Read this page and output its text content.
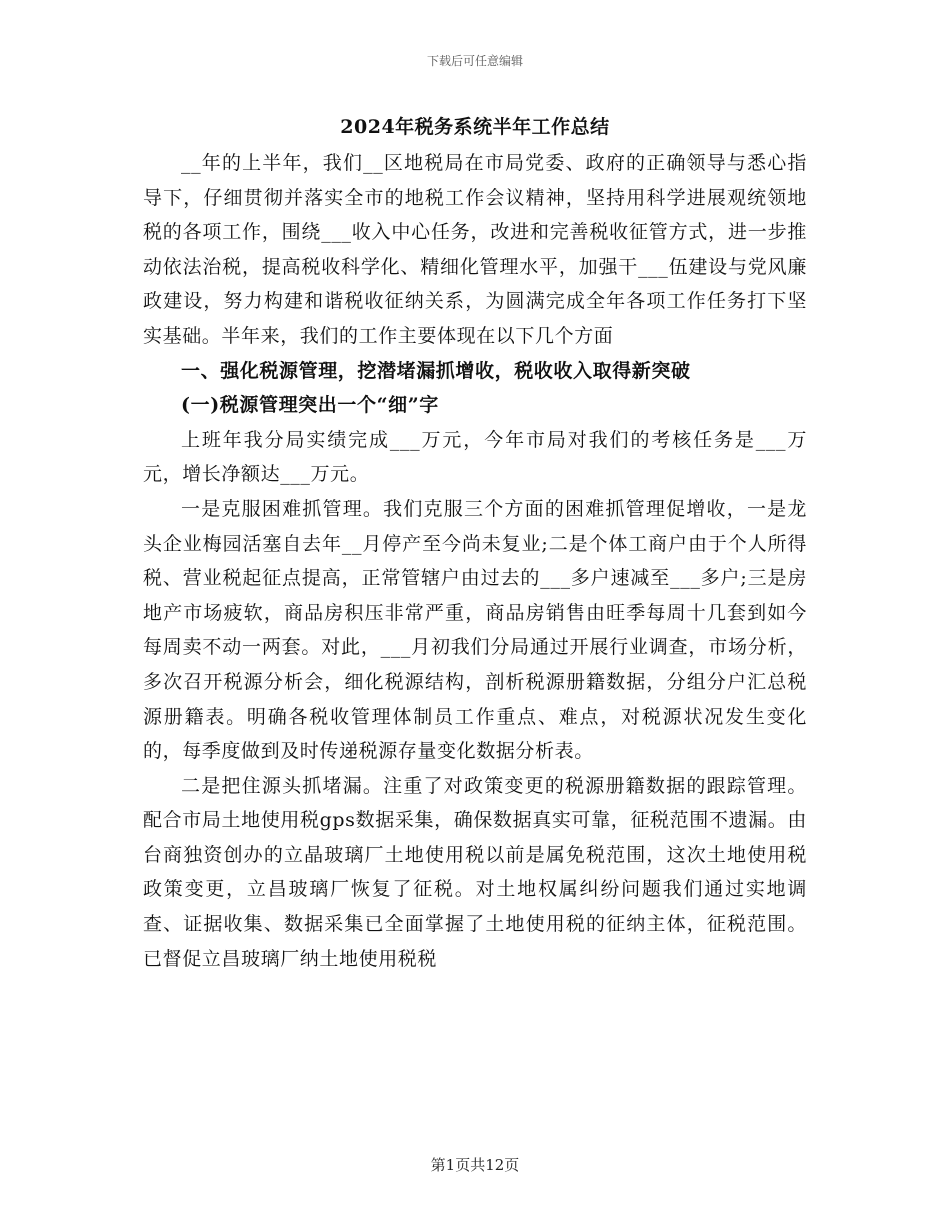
下载后可任意编辑
2024年税务系统半年工作总结

__年的上半年，我们__区地税局在市局党委、政府的正确领导与悉心指导下，仔细贯彻并落实全市的地税工作会议精神，坚持用科学进展观统领地税的各项工作，围绕___收入中心任务，改进和完善税收征管方式，进一步推动依法治税，提高税收科学化、精细化管理水平，加强干___伍建设与党风廉政建设，努力构建和谐税收征纳关系，为圆满完成全年各项工作任务打下坚实基础。半年来，我们的工作主要体现在以下几个方面

一、强化税源管理，挖潜堵漏抓增收，税收收入取得新突破

(一)税源管理突出一个“细”字

上班年我分局实绩完成___万元，今年市局对我们的考核任务是___万元，增长净额达___万元。

一是克服困难抓管理。我们克服三个方面的困难抓管理促增收，一是龙头企业梅园活塞自去年__月停产至今尚未复业;二是个体工商户由于个人所得税、营业税起征点提高，正常管辖户由过去的___多户速减至___多户;三是房地产市场疲软，商品房积压非常严重，商品房销售由旺季每周十几套到如今每周卖不动一两套。对此，___月初我们分局通过开展行业调查，市场分析，多次召开税源分析会，细化税源结构，剖析税源册籍数据，分组分户汇总税源册籍表。明确各税收管理体制员工作重点、难点，对税源状况发生变化的，每季度做到及时传递税源存量变化数据分析表。

二是把住源头抓堵漏。注重了对政策变更的税源册籍数据的跟踪管理。配合市局土地使用税gps数据采集，确保数据真实可靠，征税范围不遗漏。由台商独资创办的立晶玻璃厂土地使用税以前是属免税范围，这次土地使用税政策变更，立昌玻璃厂恢复了征税。对土地权属纠纷问题我们通过实地调查、证据收集、数据采集已全面掌握了土地使用税的征纳主体，征税范围。已督促立昌玻璃厂纳土地使用税税

第1页共12页
